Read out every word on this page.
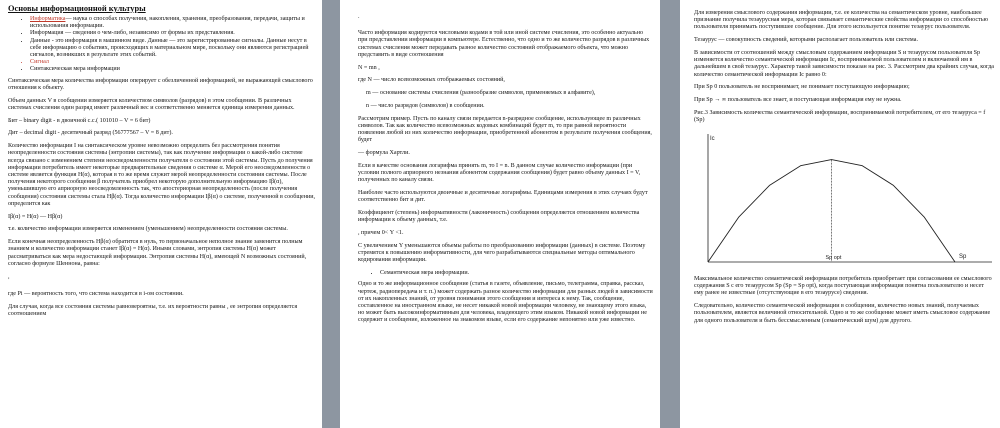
Основы информационной культуры
• Информатика— наука о способах получения, накопления, хранения, преобразования, передачи, защиты и использования информации.
• Информация — сведения о чем-либо, независимо от формы их представления.
• Данные - это информация в машинном виде. Данные — это зарегистрированные сигналы. Данные несут в себе информацию о событиях, происходящих в материальном мире, поскольку они являются регистрацией сигналов, возникших в результате этих событий.
• Сигнал
• Синтаксическая мера информации

Синтаксическая мера количества информации оперирует с обезличенной информацией, не выражающей смыслового отношения к объекту.

Объем данных V в сообщении измеряется количеством символов (разрядов) в этом сообщении. В различных системах счисления один разряд имеет различный вес и соответственно меняется единица измерения данных.

Бит – binary digit - в двоичной с.с.( 101010 – V = 6 бит)

Дит – decimal digit - десятичный разряд (56777567 – V = 8 дит).

Количество информации I на синтаксическом уровне невозможно определить без рассмотрения понятия неопределенности состояния системы (энтропии системы), так как получение информации о какой-либо системе всегда связано с изменением степени неосведомленности получателя о состоянии этой системы. Пусть до получения информации потребитель имеет некоторые предварительные сведения о системе α. Мерой его неосведомленности о системе является функция H(α), которая в то же время служит мерой неопределенности состояния системы. После получения некоторого сообщения β получатель приобрел некоторую дополнительную информацию Iβ(α), уменьшившую его априорную неосведомленность так, что апостериорная неопределенность (после получения сообщения) состояния системы стала Hβ(α). Тогда количество информации Iβ(α) о системе, полученной в сообщении, определится как

Iβ(α) = H(α) — Hβ(α)

т.е. количество информации измеряется изменением (уменьшением) неопределенности состояния системы.

Если конечная неопределенность Hβ(α) обратится в нуль, то первоначальное неполное знание заменится полным знанием и количество информации станет Iβ(α) = H(α). Иными словами, энтропия системы H(α) может рассматриваться как мера недостающей информации. Энтропия системы H(α), имеющей N возможных состояний, согласно формуле Шеннона, равна:

,

где Pi — вероятность того, что система находится в i-ом состоянии.

Для случая, когда все состояния системы равновероятны, т.е. их вероятности равны , ее энтропия определяется соотношением

.

Часто информация кодируется числовыми кодами в той или иной системе счисления, это особенно актуально при представлении информации в компьютере. Естественно, что одно и то же количество разрядов в различных системах счисления может передавать разное количество состояний отображаемого объекта, что можно представить в виде соотношения

N = mn ,

где N — число всевозможных отображаемых состояний,

m — основание системы счисления (разнообразие символов, применяемых в алфавите),

n — число разрядов (символов) в сообщении.

Рассмотрим пример. Пусть по каналу связи передается n-разрядное сообщение, использующее m различных символов. Так как количество всевозможных кодовых комбинаций будет m, то при равной вероятности появления любой из них количество информации, приобретенной абонентом в результате получения сообщения, будет

— формула Хартли.

Если в качестве основания логарифма принять m, то I = n. В данном случае количество информации (при условии полного априорного незнания абонентом содержания сообщения) будет равно объему данных I = V, полученных по каналу связи.

Наиболее часто используются двоичные и десятичные логарифмы. Единицами измерения в этих случаях будут соответственно бит и дит.

Коэффициент (степень) информативности (лаконичность) сообщения определяется отношением количества информации к объему данных, т.е.

, причем 0< Y <1.

С увеличением Y уменьшаются объемы работы по преобразованию информации (данных) в системе. Поэтому стремятся к повышению информативности, для чего разрабатываются специальные методы оптимального кодирования информации.

• Семантическая мера информации.

Одно и то же информационное сообщение (статья в газете, объявление, письмо, телеграмма, справка, рассказ, чертеж, радиопередача и т. п.) может содержать разное количество информации для разных людей в зависимости от их накопленных знаний, от уровня понимания этого сообщения и интереса к нему. Так, сообщение, составленное на иностранном языке, не несет никакой новой информации человеку, не знающему этого языка, но может быть высокоинформативным для человека, владеющего этим языком. Никакой новой информации не содержит и сообщение, изложенное на знакомом языке, если его содержание непонятно или уже известно.

Для измерения смыслового содержания информации, т.е. ее количества на семантическом уровне, наибольшее признание получила тезаурусная мера, которая связывает семантические свойства информации со способностью пользователя принимать поступившее сообщение. Для этого используется понятие тезаурус пользователя.

Тезаурус — совокупность сведений, которыми располагает пользователь или система.

В зависимости от соотношений между смысловым содержанием информации S и тезаурусом пользователя Sp изменяется количество семантической информации Ic, воспринимаемой пользователем и включаемой им в дальнейшем в свой тезаурус. Характер такой зависимости показан на рис. 3. Рассмотрим два крайних случая, когда количество семантической информации Ic равно 0:

При Sp 0 пользователь не воспринимает, не понимает поступающую информацию;

При Sp → ∞ пользователь все знает, и поступающая информация ему не нужна.

Рис.3 Зависимость количества семантической информации, воспринимаемой потребителем, от его тезауруса = f (Sp)

Ic
Sp opt	Sp

Максимальное количество семантической информации потребитель приобретает при согласовании ее смыслового содержания S с его тезаурусом Sp (Sp = Sp opt), когда поступающая информация понятна пользователю и несет ему ранее не известные (отсутствующие в его тезаурусе) сведения.

Следовательно, количество семантической информации в сообщении, количество новых знаний, получаемых пользователем, является величиной относительной. Одно и то же сообщение может иметь смысловое содержание для одного пользователя и быть бессмысленным (семантический шум) для другого.
